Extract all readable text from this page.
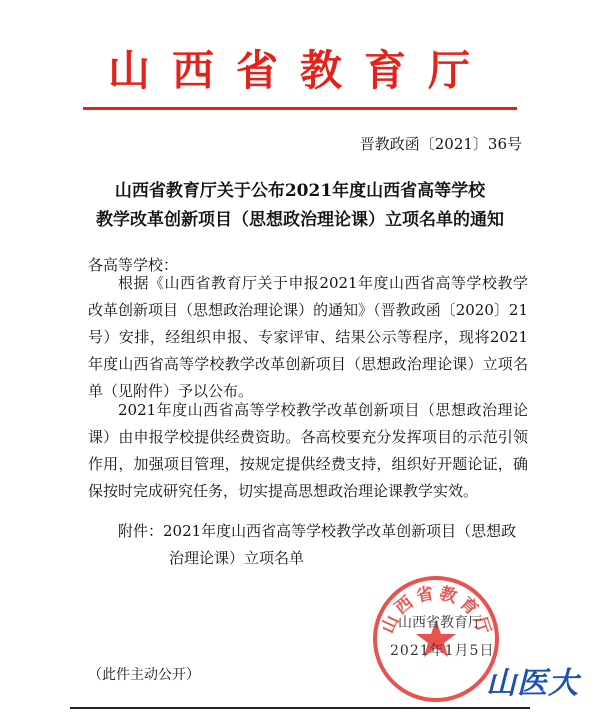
山西省教育厅
晋教政函〔2021〕36号
山西省教育厅关于公布2021年度山西省高等学校
教学改革创新项目（思想政治理论课）立项名单的通知
各高等学校：
根据《山西省教育厅关于申报2021年度山西省高等学校教学改革创新项目（思想政治理论课）的通知》（晋教政函〔2020〕21号）安排，经组织申报、专家评审、结果公示等程序，现将2021年度山西省高等学校教学改革创新项目（思想政治理论课）立项名单（见附件）予以公布。
2021年度山西省高等学校教学改革创新项目（思想政治理论课）由申报学校提供经费资助。各高校要充分发挥项目的示范引领作用，加强项目管理，按规定提供经费支持，组织好开题论证，确保按时完成研究任务，切实提高思想政治理论课教学实效。
附件：2021年度山西省高等学校教学改革创新项目（思想政治理论课）立项名单
山西省教育厅
山西省教育厅
2021年1月5日
（此件主动公开）	山医大
